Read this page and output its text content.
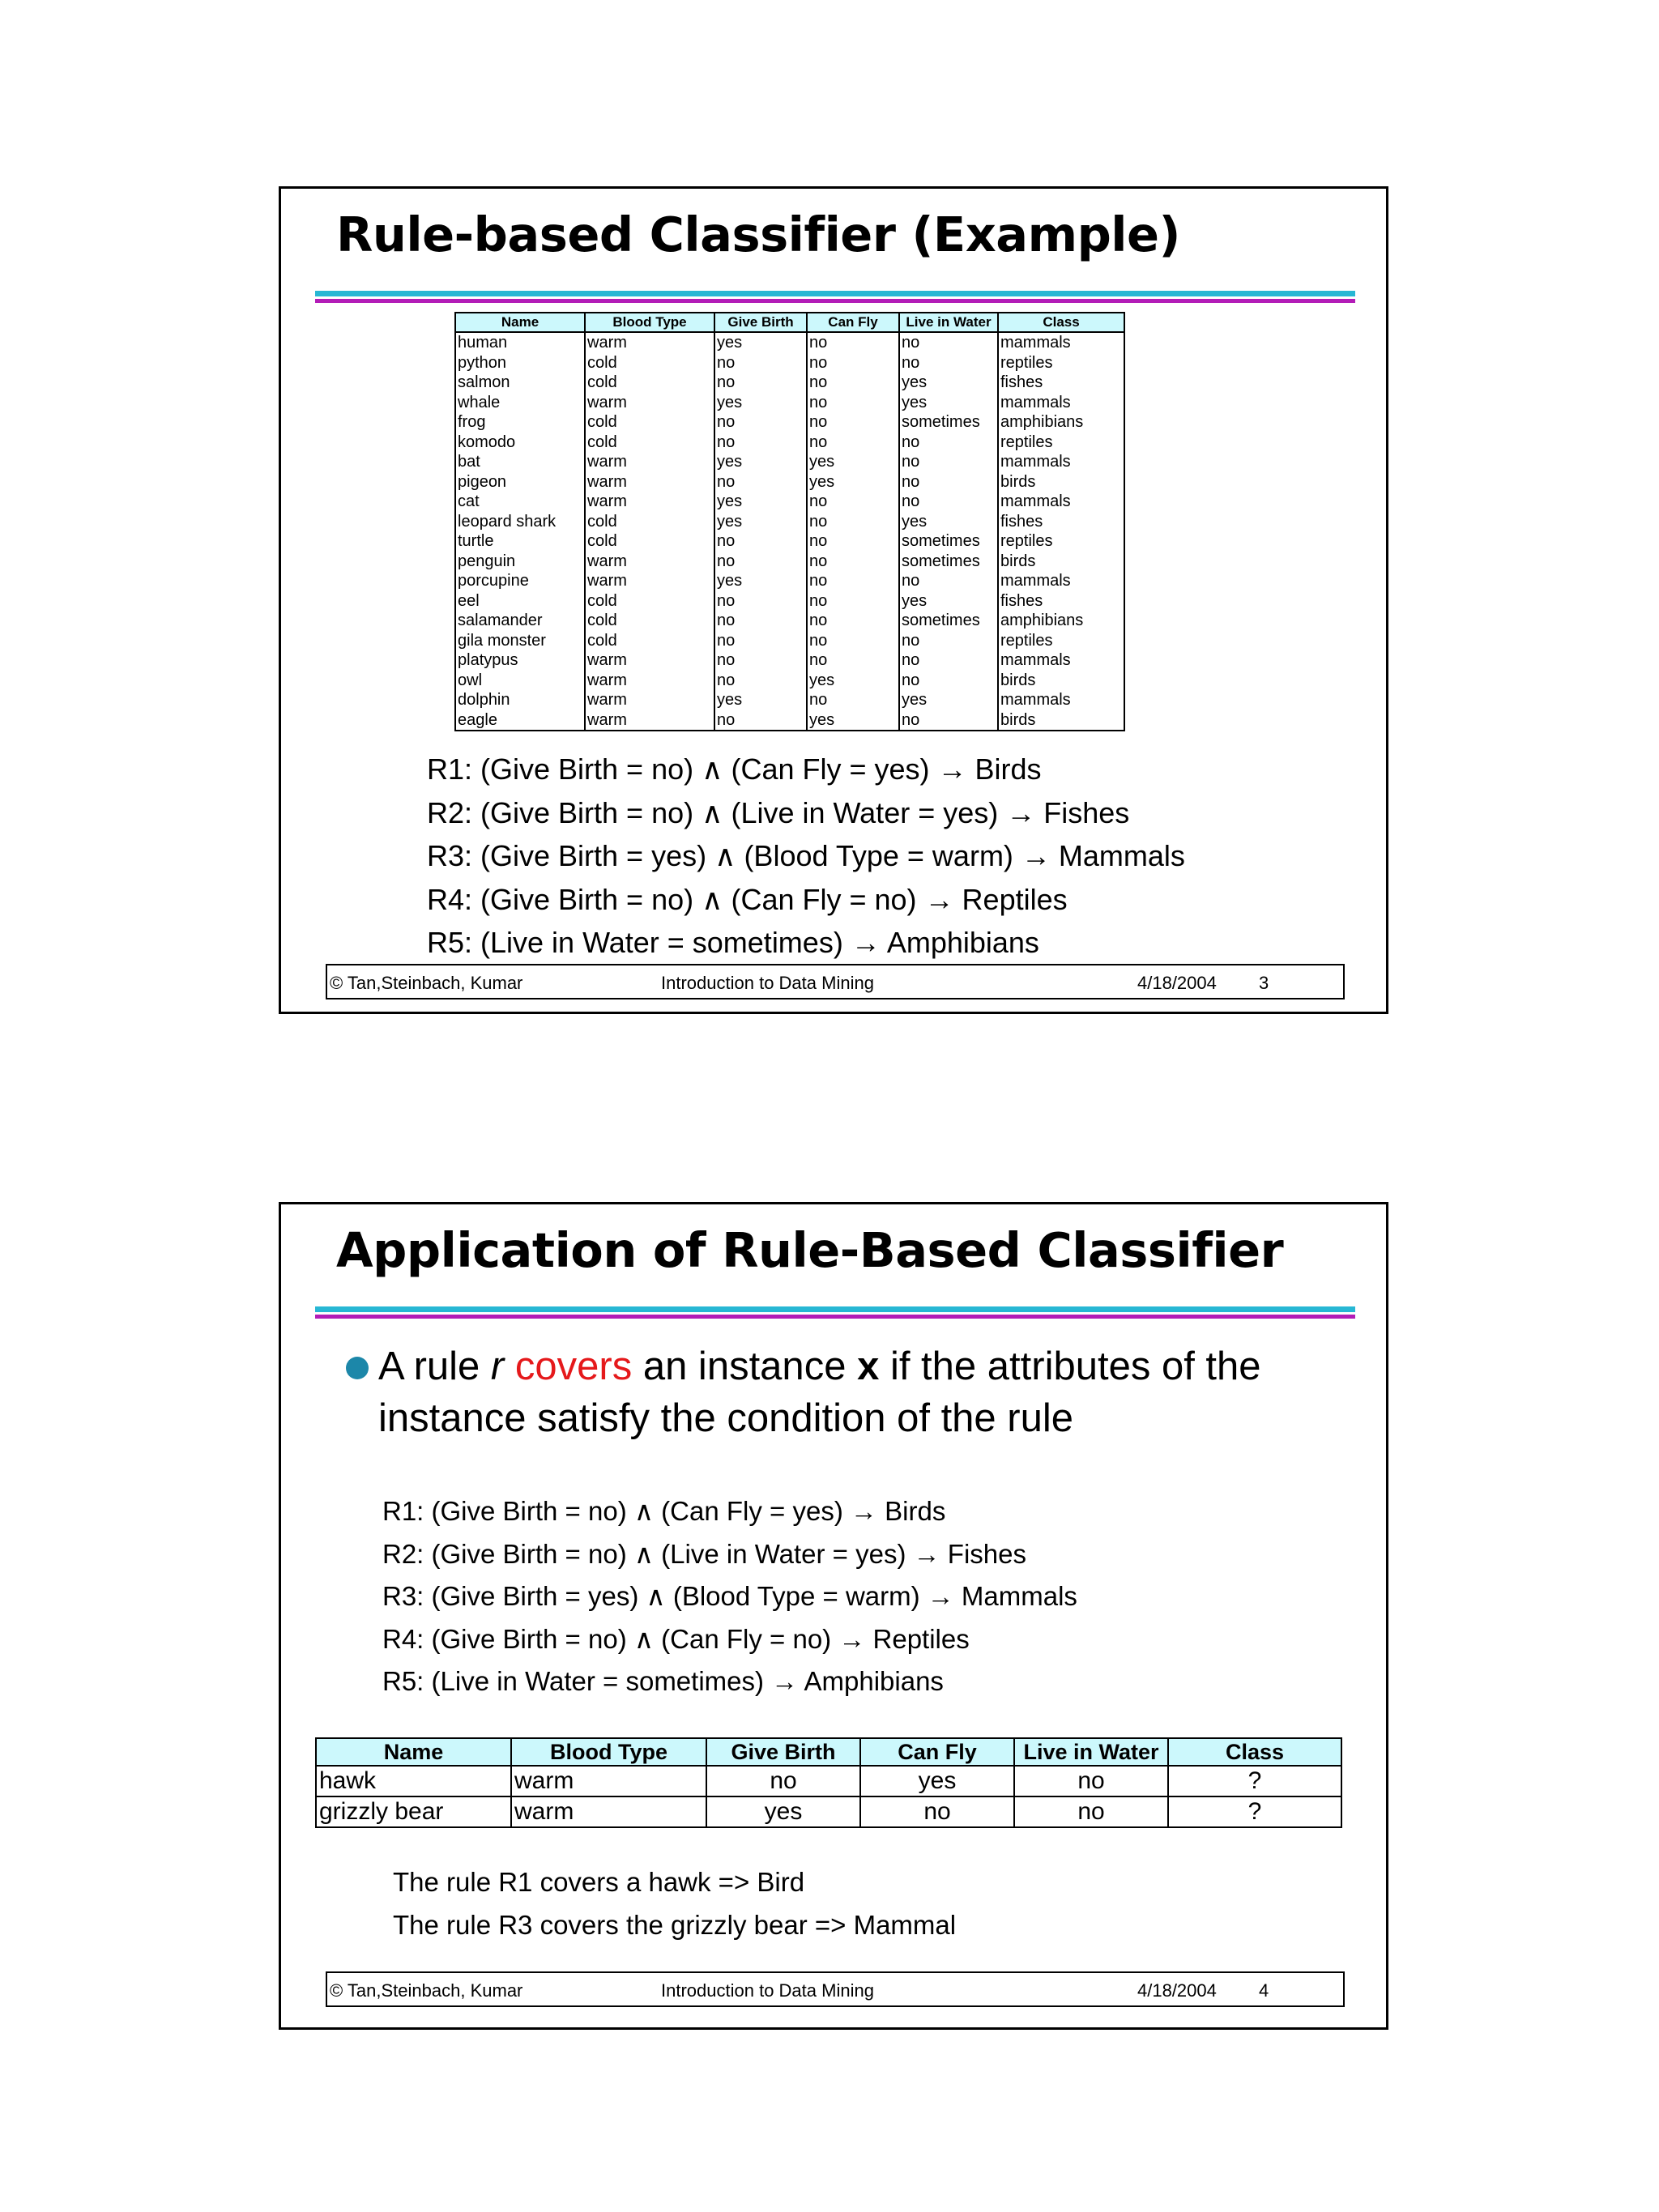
Rule-based Classifier (Example)
Name	Blood Type	Give Birth	Can Fly	Live in Water	Class
human	warm	yes	no	no	mammals
python	cold	no	no	no	reptiles
salmon	cold	no	no	yes	fishes
whale	warm	yes	no	yes	mammals
frog	cold	no	no	sometimes	amphibians
komodo	cold	no	no	no	reptiles
bat	warm	yes	yes	no	mammals
pigeon	warm	no	yes	no	birds
cat	warm	yes	no	no	mammals
leopard shark	cold	yes	no	yes	fishes
turtle	cold	no	no	sometimes	reptiles
penguin	warm	no	no	sometimes	birds
porcupine	warm	yes	no	no	mammals
eel	cold	no	no	yes	fishes
salamander	cold	no	no	sometimes	amphibians
gila monster	cold	no	no	no	reptiles
platypus	warm	no	no	no	mammals
owl	warm	no	yes	no	birds
dolphin	warm	yes	no	yes	mammals
eagle	warm	no	yes	no	birds
R1: (Give Birth = no) ∧ (Can Fly = yes) → Birds
R2: (Give Birth = no) ∧ (Live in Water = yes) → Fishes
R3: (Give Birth = yes) ∧ (Blood Type = warm) → Mammals
R4: (Give Birth = no) ∧ (Can Fly = no) → Reptiles
R5: (Live in Water = sometimes) → Amphibians
© Tan,Steinbach, Kumar	Introduction to Data Mining	4/18/2004 3
Application of Rule-Based Classifier
A rule r covers an instance x if the attributes of the instance satisfy the condition of the rule
R1: (Give Birth = no) ∧ (Can Fly = yes) → Birds
R2: (Give Birth = no) ∧ (Live in Water = yes) → Fishes
R3: (Give Birth = yes) ∧ (Blood Type = warm) → Mammals
R4: (Give Birth = no) ∧ (Can Fly = no) → Reptiles
R5: (Live in Water = sometimes) → Amphibians
Name	Blood Type	Give Birth	Can Fly	Live in Water	Class
hawk	warm	no	yes	no	?
grizzly bear	warm	yes	no	no	?
The rule R1 covers a hawk => Bird
The rule R3 covers the grizzly bear => Mammal
© Tan,Steinbach, Kumar	Introduction to Data Mining	4/18/2004 4
